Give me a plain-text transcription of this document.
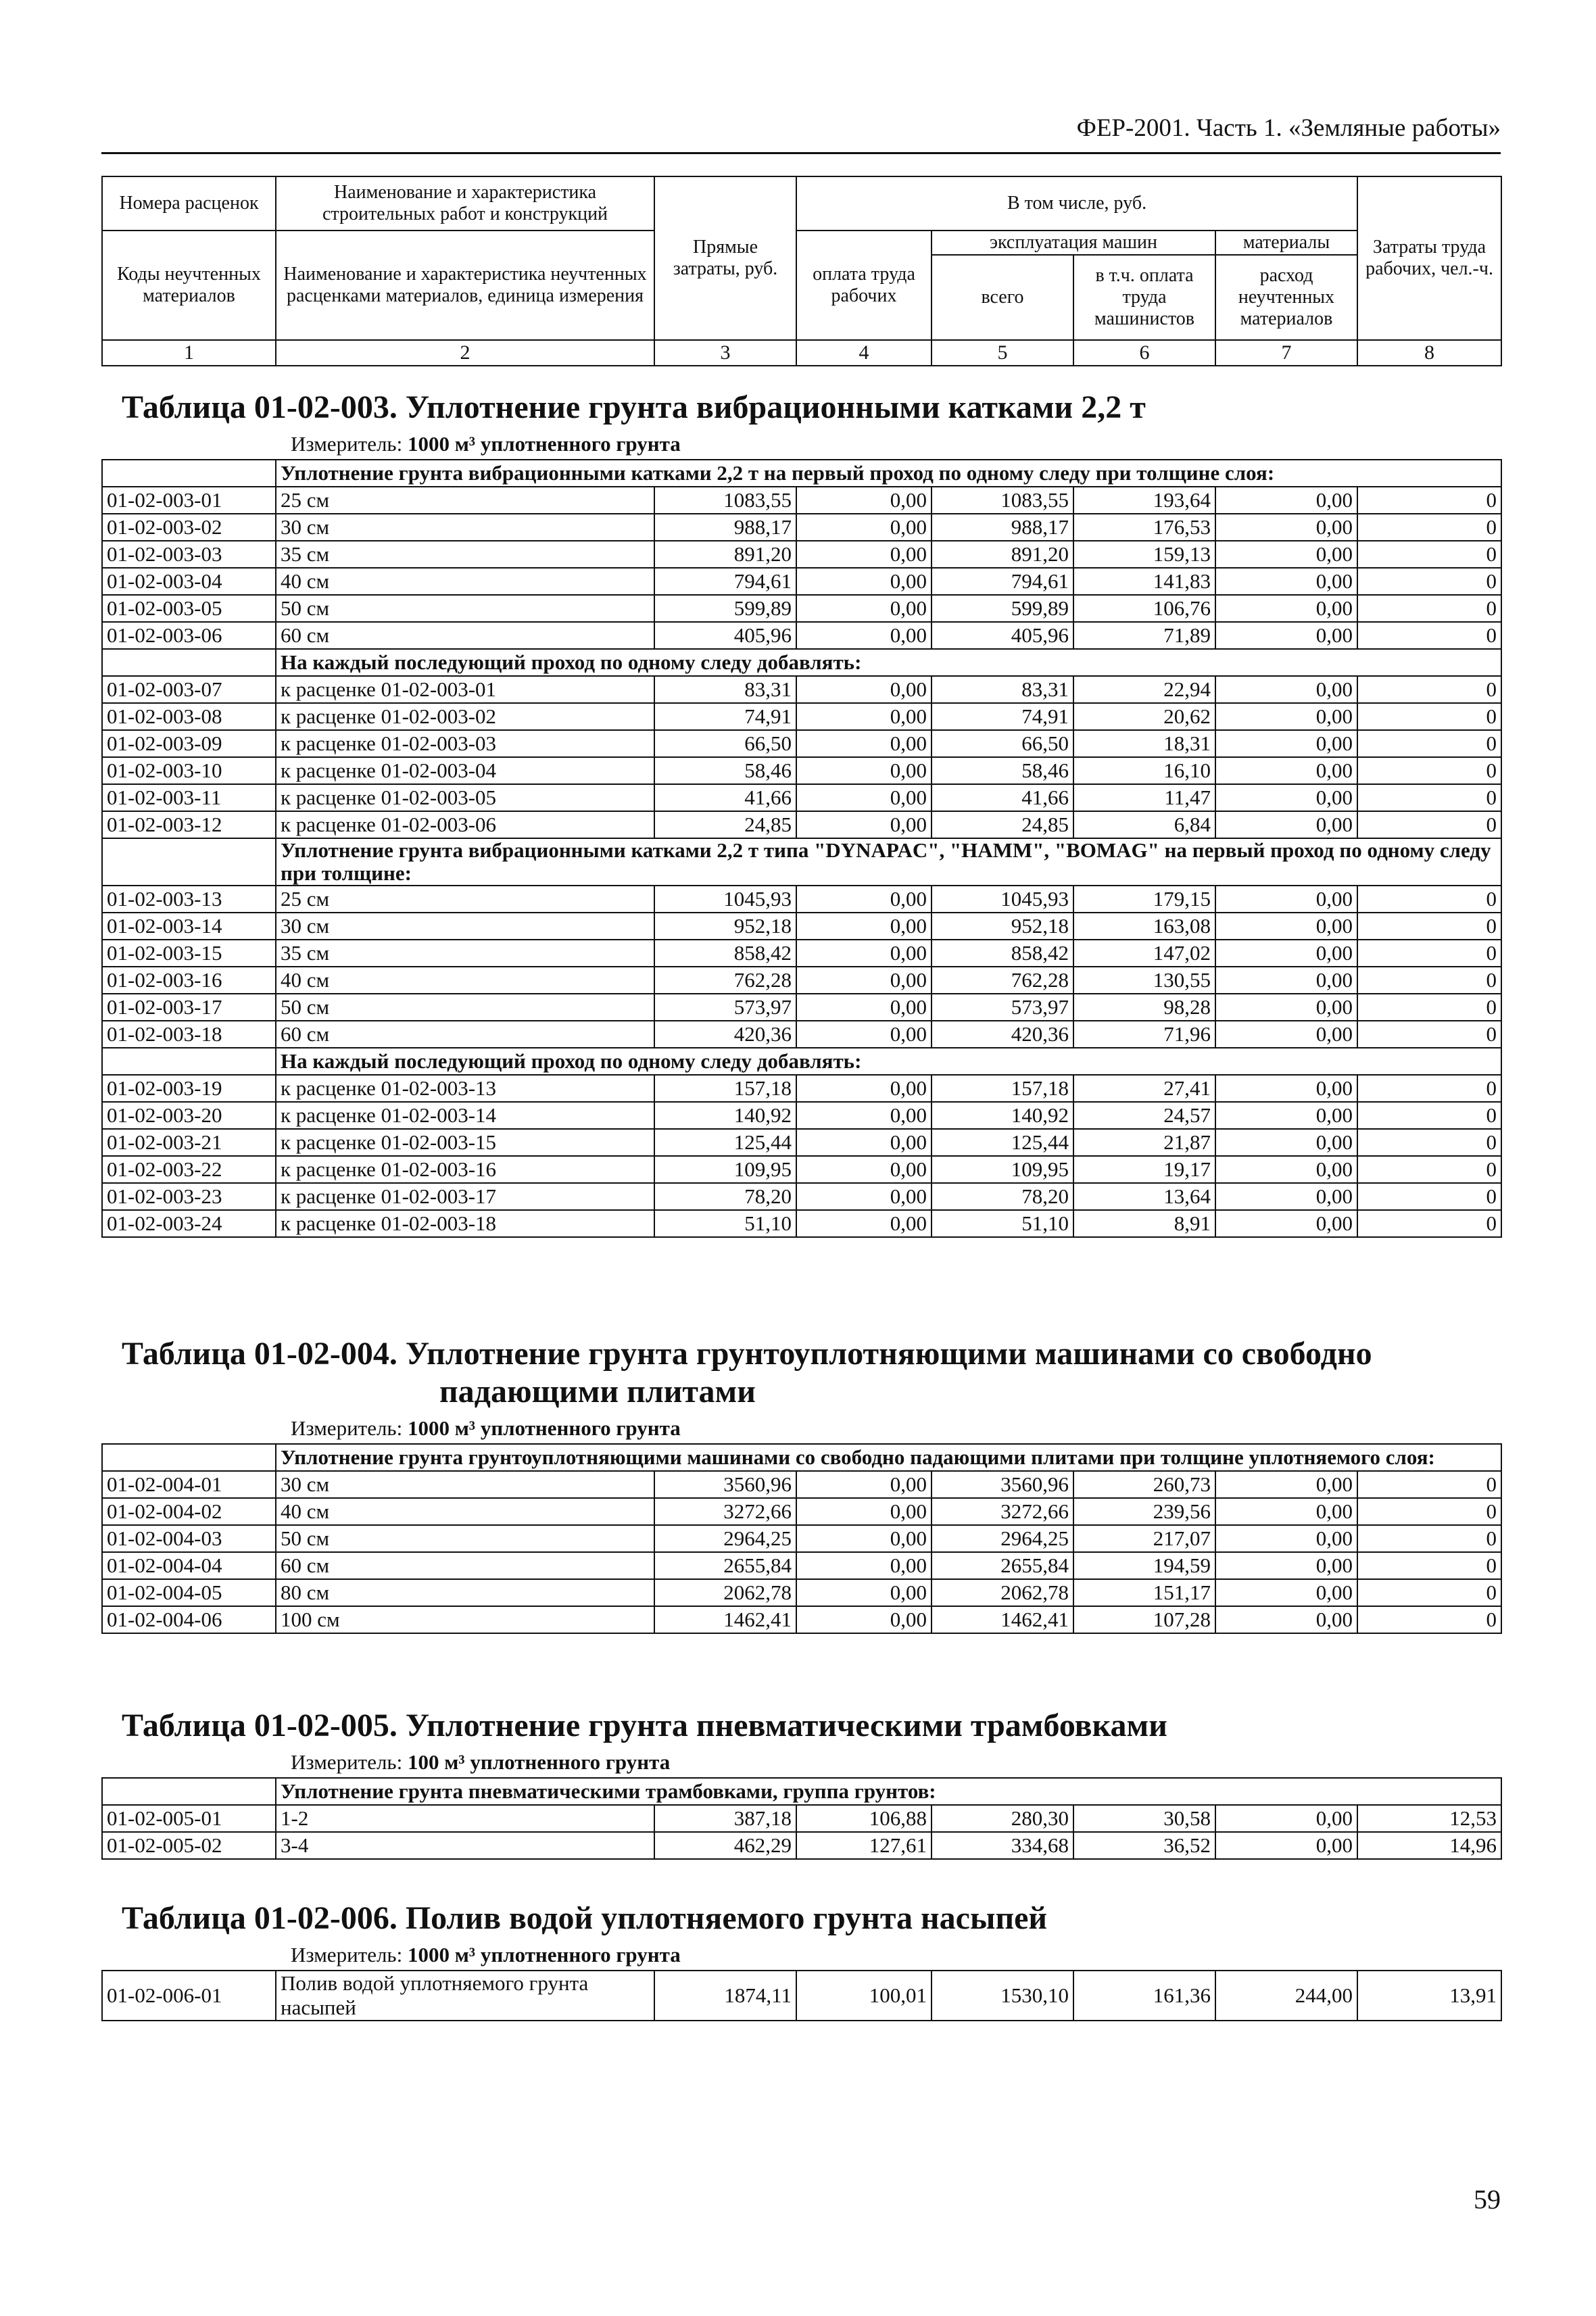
ФЕР-2001. Часть 1. «Земляные работы»
Номера расценок	Наименование и характеристика строительных работ и конструкций	Прямые затраты, руб.	В том числе, руб.				Затраты труда рабочих, чел.-ч.
Коды неучтенных материалов	Наименование и характеристика неучтенных расценками материалов, единица измерения		оплата труда рабочих	эксплуатация машин		материалы	
				всего	в т.ч. оплата труда машинистов	расход неучтенных материалов	
1	2	3	4	5	6	7	8

Таблица 01-02-003. Уплотнение грунта вибрационными катками 2,2 т

Измеритель: 1000 м³ уплотненного грунта

	Уплотнение грунта вибрационными катками 2,2 т на первый проход по одному следу при толщине слоя:						
01-02-003-01	25 см	1083,55	0,00	1083,55	193,64	0,00	0
01-02-003-02	30 см	988,17	0,00	988,17	176,53	0,00	0
01-02-003-03	35 см	891,20	0,00	891,20	159,13	0,00	0
01-02-003-04	40 см	794,61	0,00	794,61	141,83	0,00	0
01-02-003-05	50 см	599,89	0,00	599,89	106,76	0,00	0
01-02-003-06	60 см	405,96	0,00	405,96	71,89	0,00	0
	На каждый последующий проход по одному следу добавлять:						
01-02-003-07	к расценке 01-02-003-01	83,31	0,00	83,31	22,94	0,00	0
01-02-003-08	к расценке 01-02-003-02	74,91	0,00	74,91	20,62	0,00	0
01-02-003-09	к расценке 01-02-003-03	66,50	0,00	66,50	18,31	0,00	0
01-02-003-10	к расценке 01-02-003-04	58,46	0,00	58,46	16,10	0,00	0
01-02-003-11	к расценке 01-02-003-05	41,66	0,00	41,66	11,47	0,00	0
01-02-003-12	к расценке 01-02-003-06	24,85	0,00	24,85	6,84	0,00	0
	Уплотнение грунта вибрационными катками 2,2 т типа "DYNAPAC", "HAMM", "BOMAG" на первый проход по одному следу при толщине:						
01-02-003-13	25 см	1045,93	0,00	1045,93	179,15	0,00	0
01-02-003-14	30 см	952,18	0,00	952,18	163,08	0,00	0
01-02-003-15	35 см	858,42	0,00	858,42	147,02	0,00	0
01-02-003-16	40 см	762,28	0,00	762,28	130,55	0,00	0
01-02-003-17	50 см	573,97	0,00	573,97	98,28	0,00	0
01-02-003-18	60 см	420,36	0,00	420,36	71,96	0,00	0
	На каждый последующий проход по одному следу добавлять:						
01-02-003-19	к расценке 01-02-003-13	157,18	0,00	157,18	27,41	0,00	0
01-02-003-20	к расценке 01-02-003-14	140,92	0,00	140,92	24,57	0,00	0
01-02-003-21	к расценке 01-02-003-15	125,44	0,00	125,44	21,87	0,00	0
01-02-003-22	к расценке 01-02-003-16	109,95	0,00	109,95	19,17	0,00	0
01-02-003-23	к расценке 01-02-003-17	78,20	0,00	78,20	13,64	0,00	0
01-02-003-24	к расценке 01-02-003-18	51,10	0,00	51,10	8,91	0,00	0

Таблица 01-02-004. Уплотнение грунта грунтоуплотняющими машинами со свободно

падающими плитами

Измеритель: 1000 м³ уплотненного грунта

	Уплотнение грунта грунтоуплотняющими машинами со свободно падающими плитами при толщине уплотняемого слоя:						
01-02-004-01	30 см	3560,96	0,00	3560,96	260,73	0,00	0
01-02-004-02	40 см	3272,66	0,00	3272,66	239,56	0,00	0
01-02-004-03	50 см	2964,25	0,00	2964,25	217,07	0,00	0
01-02-004-04	60 см	2655,84	0,00	2655,84	194,59	0,00	0
01-02-004-05	80 см	2062,78	0,00	2062,78	151,17	0,00	0
01-02-004-06	100 см	1462,41	0,00	1462,41	107,28	0,00	0

Таблица 01-02-005. Уплотнение грунта пневматическими трамбовками

Измеритель: 100 м³ уплотненного грунта

	Уплотнение грунта пневматическими трамбовками, группа грунтов:						
01-02-005-01	1-2	387,18	106,88	280,30	30,58	0,00	12,53
01-02-005-02	3-4	462,29	127,61	334,68	36,52	0,00	14,96

Таблица 01-02-006. Полив водой уплотняемого грунта насыпей

Измеритель: 1000 м³ уплотненного грунта

01-02-006-01	Полив водой уплотняемого грунта насыпей	1874,11	100,01	1530,10	161,36	244,00	13,91
59
